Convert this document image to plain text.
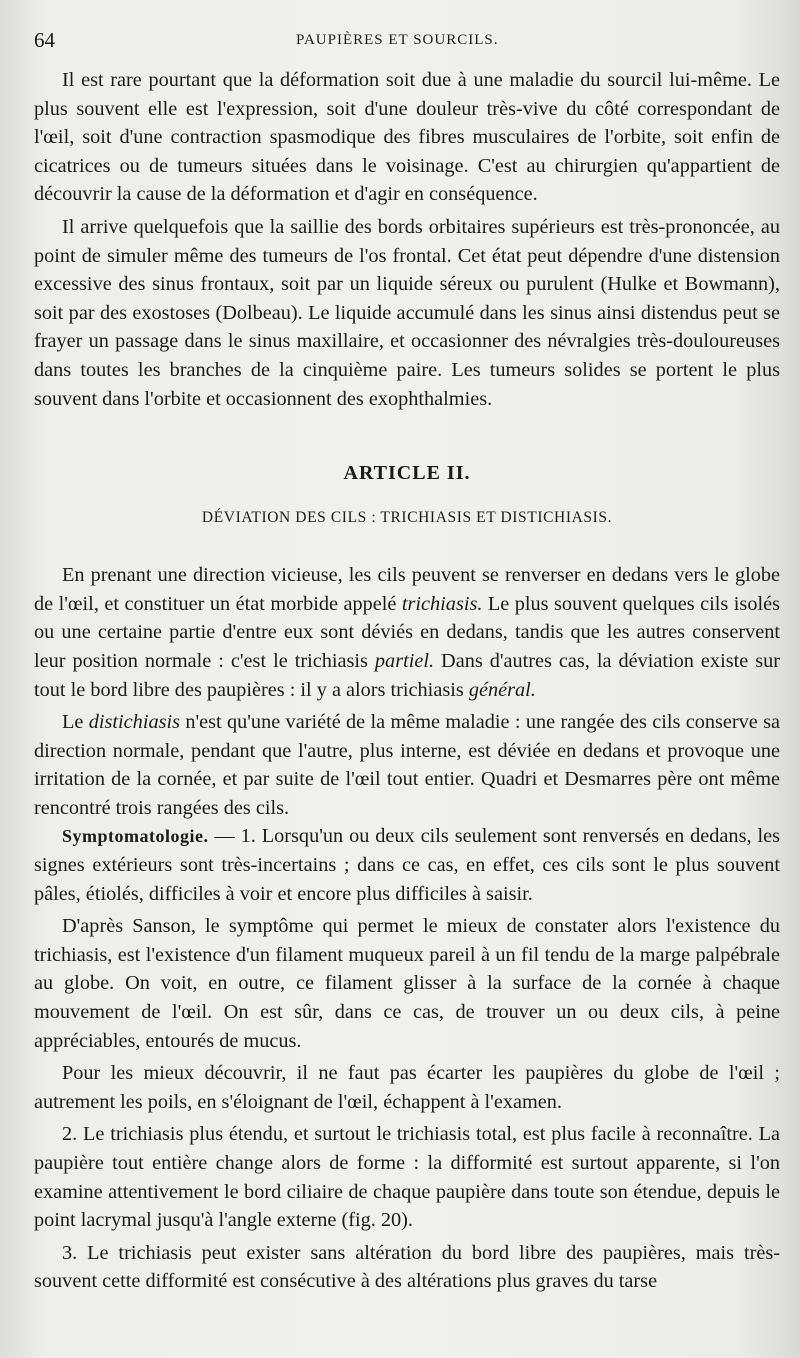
64	PAUPIÈRES ET SOURCILS.

Il est rare pourtant que la déformation soit due à une maladie du sourcil lui-même. Le plus souvent elle est l'expression, soit d'une douleur très-vive du côté correspondant de l'œil, soit d'une contraction spasmodique des fibres musculaires de l'orbite, soit enfin de cicatrices ou de tumeurs situées dans le voisinage. C'est au chirurgien qu'appartient de découvrir la cause de la déformation et d'agir en conséquence.

Il arrive quelquefois que la saillie des bords orbitaires supérieurs est très-prononcée, au point de simuler même des tumeurs de l'os frontal. Cet état peut dépendre d'une distension excessive des sinus frontaux, soit par un liquide séreux ou purulent (Hulke et Bowmann), soit par des exostoses (Dolbeau). Le liquide accumulé dans les sinus ainsi distendus peut se frayer un passage dans le sinus maxillaire, et occasionner des névralgies très-douloureuses dans toutes les branches de la cinquième paire. Les tumeurs solides se portent le plus souvent dans l'orbite et occasionnent des exophthalmies.

ARTICLE II.
DÉVIATION DES CILS : TRICHIASIS ET DISTICHIASIS.

En prenant une direction vicieuse, les cils peuvent se renverser en dedans vers le globe de l'œil, et constituer un état morbide appelé trichiasis. Le plus souvent quelques cils isolés ou une certaine partie d'entre eux sont déviés en dedans, tandis que les autres conservent leur position normale : c'est le trichiasis partiel. Dans d'autres cas, la déviation existe sur tout le bord libre des paupières : il y a alors trichiasis général.

Le distichiasis n'est qu'une variété de la même maladie : une rangée des cils conserve sa direction normale, pendant que l'autre, plus interne, est déviée en dedans et provoque une irritation de la cornée, et par suite de l'œil tout entier. Quadri et Desmarres père ont même rencontré trois rangées des cils.

Symptomatologie. — 1. Lorsqu'un ou deux cils seulement sont renversés en dedans, les signes extérieurs sont très-incertains ; dans ce cas, en effet, ces cils sont le plus souvent pâles, étiolés, difficiles à voir et encore plus difficiles à saisir.

D'après Sanson, le symptôme qui permet le mieux de constater alors l'existence du trichiasis, est l'existence d'un filament muqueux pareil à un fil tendu de la marge palpébrale au globe. On voit, en outre, ce filament glisser à la surface de la cornée à chaque mouvement de l'œil. On est sûr, dans ce cas, de trouver un ou deux cils, à peine appréciables, entourés de mucus.

Pour les mieux découvrir, il ne faut pas écarter les paupières du globe de l'œil ; autrement les poils, en s'éloignant de l'œil, échappent à l'examen.

2. Le trichiasis plus étendu, et surtout le trichiasis total, est plus facile à reconnaître. La paupière tout entière change alors de forme : la difformité est surtout apparente, si l'on examine attentivement le bord ciliaire de chaque paupière dans toute son étendue, depuis le point lacrymal jusqu'à l'angle externe (fig. 20).

3. Le trichiasis peut exister sans altération du bord libre des paupières, mais très-souvent cette difformité est consécutive à des altérations plus graves du tarse
